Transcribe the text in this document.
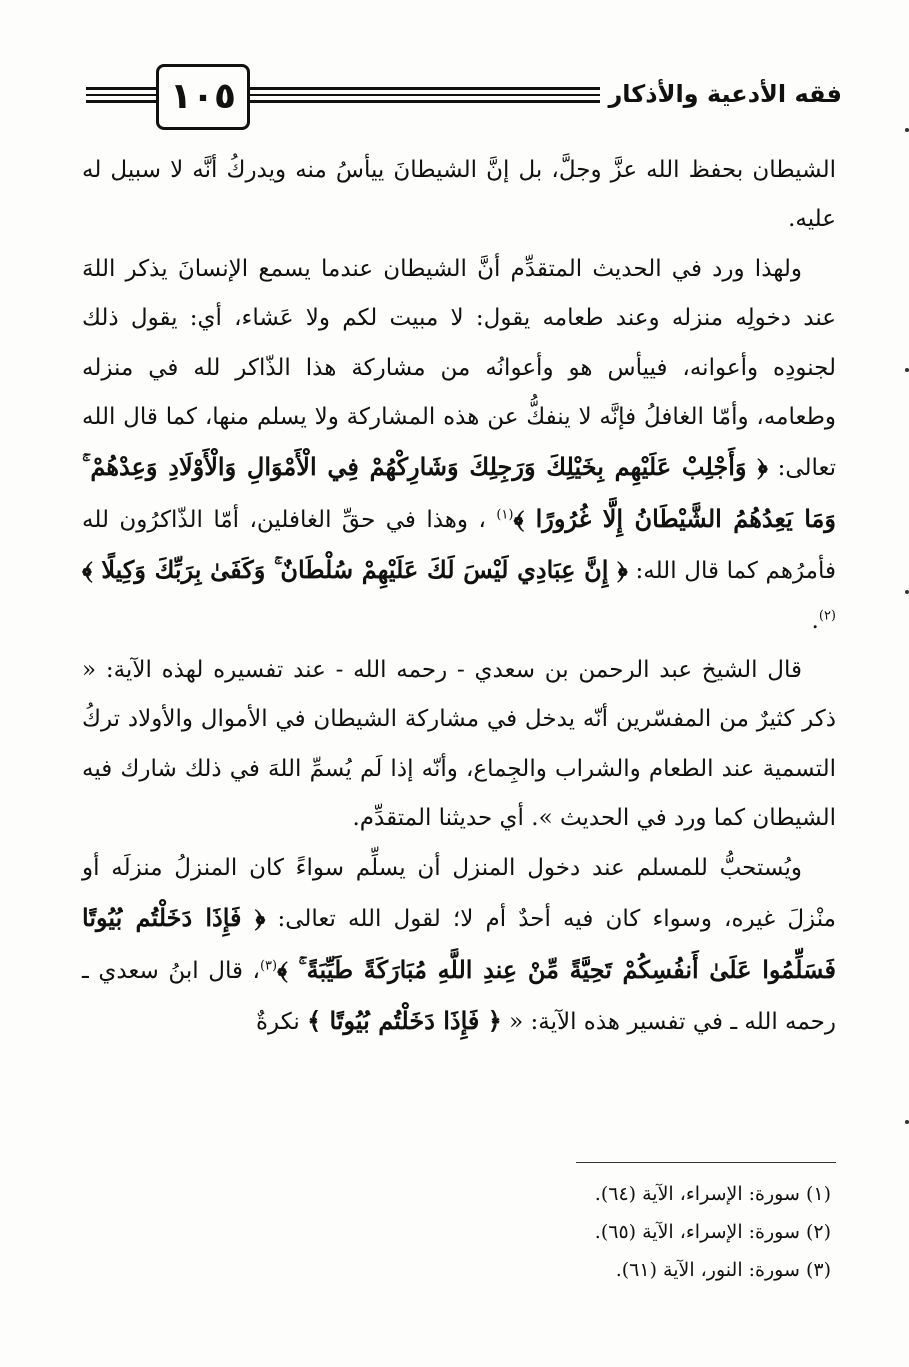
فقه الأدعية والأذكار
١٠٥

الشيطان بحفظ الله عزَّ وجلَّ، بل إنَّ الشيطانَ ييأسُ منه ويدركُ أنَّه لا سبيل له عليه.

ولهذا ورد في الحديث المتقدِّم أنَّ الشيطان عندما يسمع الإنسانَ يذكر اللهَ عند دخولِه منزله وعند طعامه يقول: لا مبيت لكم ولا عَشاء، أي: يقول ذلك لجنودِه وأعوانه، فييأس هو وأعوانُه من مشاركة هذا الذّاكر لله في منزله وطعامه، وأمّا الغافلُ فإنَّه لا ينفكُّ عن هذه المشاركة ولا يسلم منها، كما قال الله تعالى: ﴿ وَأَجْلِبْ عَلَيْهِم بِخَيْلِكَ وَرَجِلِكَ وَشَارِكْهُمْ فِي الْأَمْوَالِ وَالْأَوْلَادِ وَعِدْهُمْ ۚ وَمَا يَعِدُهُمُ الشَّيْطَانُ إِلَّا غُرُورًا ﴾$^{(١)}$ ، وهذا في حقِّ الغافلين، أمّا الذّاكرُون لله فأمرُهم كما قال الله: ﴿ إِنَّ عِبَادِي لَيْسَ لَكَ عَلَيْهِمْ سُلْطَانٌ ۚ وَكَفَىٰ بِرَبِّكَ وَكِيلًا ﴾$^{(٢)}$.

قال الشيخ عبد الرحمن بن سعدي - رحمه الله - عند تفسيره لهذه الآية: « ذكر كثيرٌ من المفسّرين أنّه يدخل في مشاركة الشيطان في الأموال والأولاد تركُ التسمية عند الطعام والشراب والجِماع، وأنّه إذا لَم يُسمِّ اللهَ في ذلك شارك فيه الشيطان كما ورد في الحديث ». أي حديثنا المتقدِّم.

ويُستحبُّ للمسلم عند دخول المنزل أن يسلِّم سواءً كان المنزلُ منزلَه أو منْزلَ غيره، وسواء كان فيه أحدٌ أم لا؛ لقول الله تعالى: ﴿ فَإِذَا دَخَلْتُم بُيُوتًا فَسَلِّمُوا عَلَىٰ أَنفُسِكُمْ تَحِيَّةً مِّنْ عِندِ اللَّهِ مُبَارَكَةً طَيِّبَةً ۚ ﴾$^{(٣)}$، قال ابنُ سعدي ـ رحمه الله ـ في تفسير هذه الآية: « ﴿ فَإِذَا دَخَلْتُم بُيُوتًا ﴾ نكرةٌ

(١) سورة: الإسراء، الآية (٦٤).
(٢) سورة: الإسراء، الآية (٦٥).
(٣) سورة: النور، الآية (٦١).
